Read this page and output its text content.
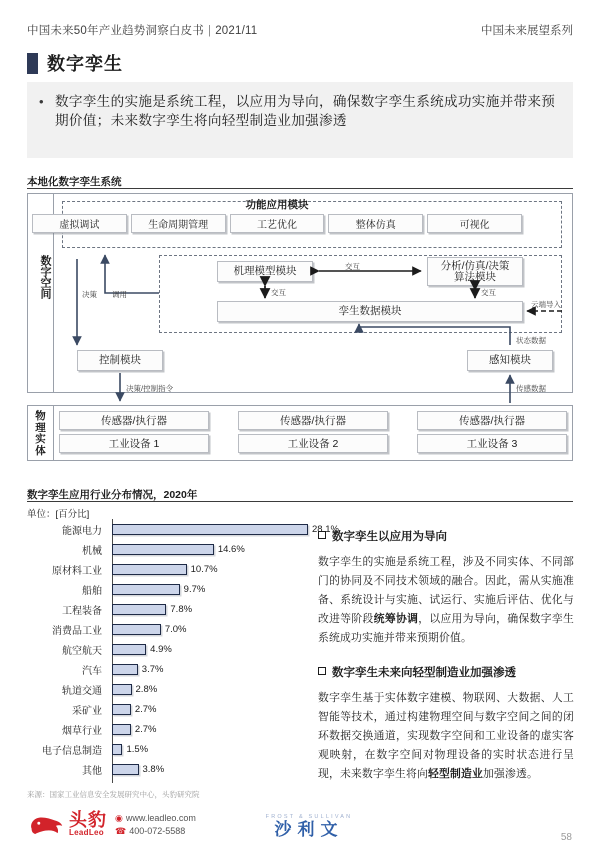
中国未来50年产业趋势洞察白皮书 | 2021/11	中国未来展望系列
数字孪生
• 数字孪生的实施是系统工程，以应用为导向，确保数字孪生系统成功实施并带来预期价值；未来数字孪生将向轻型制造业加强渗透
本地化数字孪生系统
数字空间
功能应用模块
虚拟调试	生命周期管理	工艺优化	整体仿真	可视化
机理模型模块	分析/仿真/决策
算法模块
孪生数据模块
控制模块	感知模块
决策 调用
交互
交互	交互
云端导入
状态数据
决策/控制指令	传感数据
物理实体
传感器/执行器
工业设备 1
传感器/执行器
工业设备 2
传感器/执行器
工业设备 3
数字孪生应用行业分布情况，2020年
单位：[百分比]
能源电力	28.1%
机械	14.6%
原材料工业	10.7%
船舶	9.7%
工程装备	7.8%
消费品工业	7.0%
航空航天	4.9%
汽车	3.7%
轨道交通	2.8%
采矿业	2.7%
烟草行业	2.7%
电子信息制造	1.5%
其他	3.8%
来源：国家工业信息安全发展研究中心，头豹研究院
数字孪生以应用为导向
数字孪生的实施是系统工程，涉及不同实体、不同部门的协同及不同技术领域的融合。因此，需从实施准备、系统设计与实施、试运行、实施后评估、优化与改进等阶段统筹协调，以应用为导向，确保数字孪生系统成功实施并带来预期价值。
数字孪生未来向轻型制造业加强渗透
数字孪生基于实体数字建模、物联网、大数据、人工智能等技术，通过构建物理空间与数字空间之间的闭环数据交换通道，实现数字空间和工业设备的虚实客观映射，在数字空间对物理设备的实时状态进行呈现，未来数字孪生将向轻型制造业加强渗透。
头豹
LeadLeo
◉ www.leadleo.com
☎ 400-072-5588
FROST & SULLIVAN
沙利文	58
